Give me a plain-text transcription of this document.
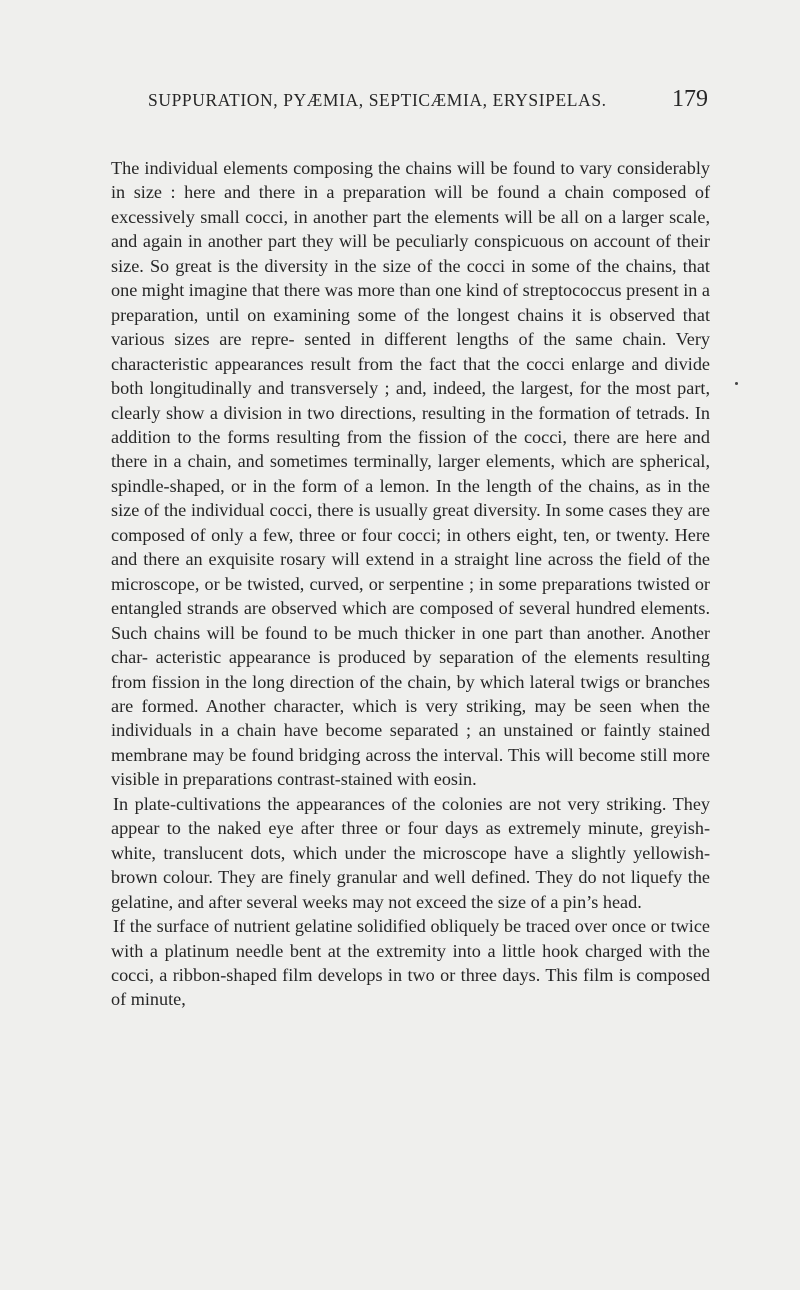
SUPPURATION, PYÆMIA, SEPTICÆMIA, ERYSIPELAS.	179

The individual elements composing the chains will be found to vary considerably in size : here and there in a preparation will be found a chain composed of excessively small cocci, in another part the elements will be all on a larger scale, and again in another part they will be peculiarly conspicuous on account of their size. So great is the diversity in the size of the cocci in some of the chains, that one might imagine that there was more than one kind of streptococcus present in a preparation, until on examining some of the longest chains it is observed that various sizes are repre- sented in different lengths of the same chain. Very characteristic appearances result from the fact that the cocci enlarge and divide both longitudinally and transversely ; and, indeed, the largest, for the most part, clearly show a division in two directions, resulting in the formation of tetrads. In addition to the forms resulting from the fission of the cocci, there are here and there in a chain, and sometimes terminally, larger elements, which are spherical, spindle-shaped, or in the form of a lemon. In the length of the chains, as in the size of the individual cocci, there is usually great diversity. In some cases they are composed of only a few, three or four cocci; in others eight, ten, or twenty. Here and there an exquisite rosary will extend in a straight line across the field of the microscope, or be twisted, curved, or serpentine ; in some preparations twisted or entangled strands are observed which are composed of several hundred elements. Such chains will be found to be much thicker in one part than another. Another char- acteristic appearance is produced by separation of the elements resulting from fission in the long direction of the chain, by which lateral twigs or branches are formed. Another character, which is very striking, may be seen when the individuals in a chain have become separated ; an unstained or faintly stained membrane may be found bridging across the interval. This will become still more visible in preparations contrast-stained with eosin.

In plate-cultivations the appearances of the colonies are not very striking. They appear to the naked eye after three or four days as extremely minute, greyish-white, translucent dots, which under the microscope have a slightly yellowish-brown colour. They are finely granular and well defined. They do not liquefy the gelatine, and after several weeks may not exceed the size of a pin’s head.

If the surface of nutrient gelatine solidified obliquely be traced over once or twice with a platinum needle bent at the extremity into a little hook charged with the cocci, a ribbon-shaped film develops in two or three days. This film is composed of minute,
